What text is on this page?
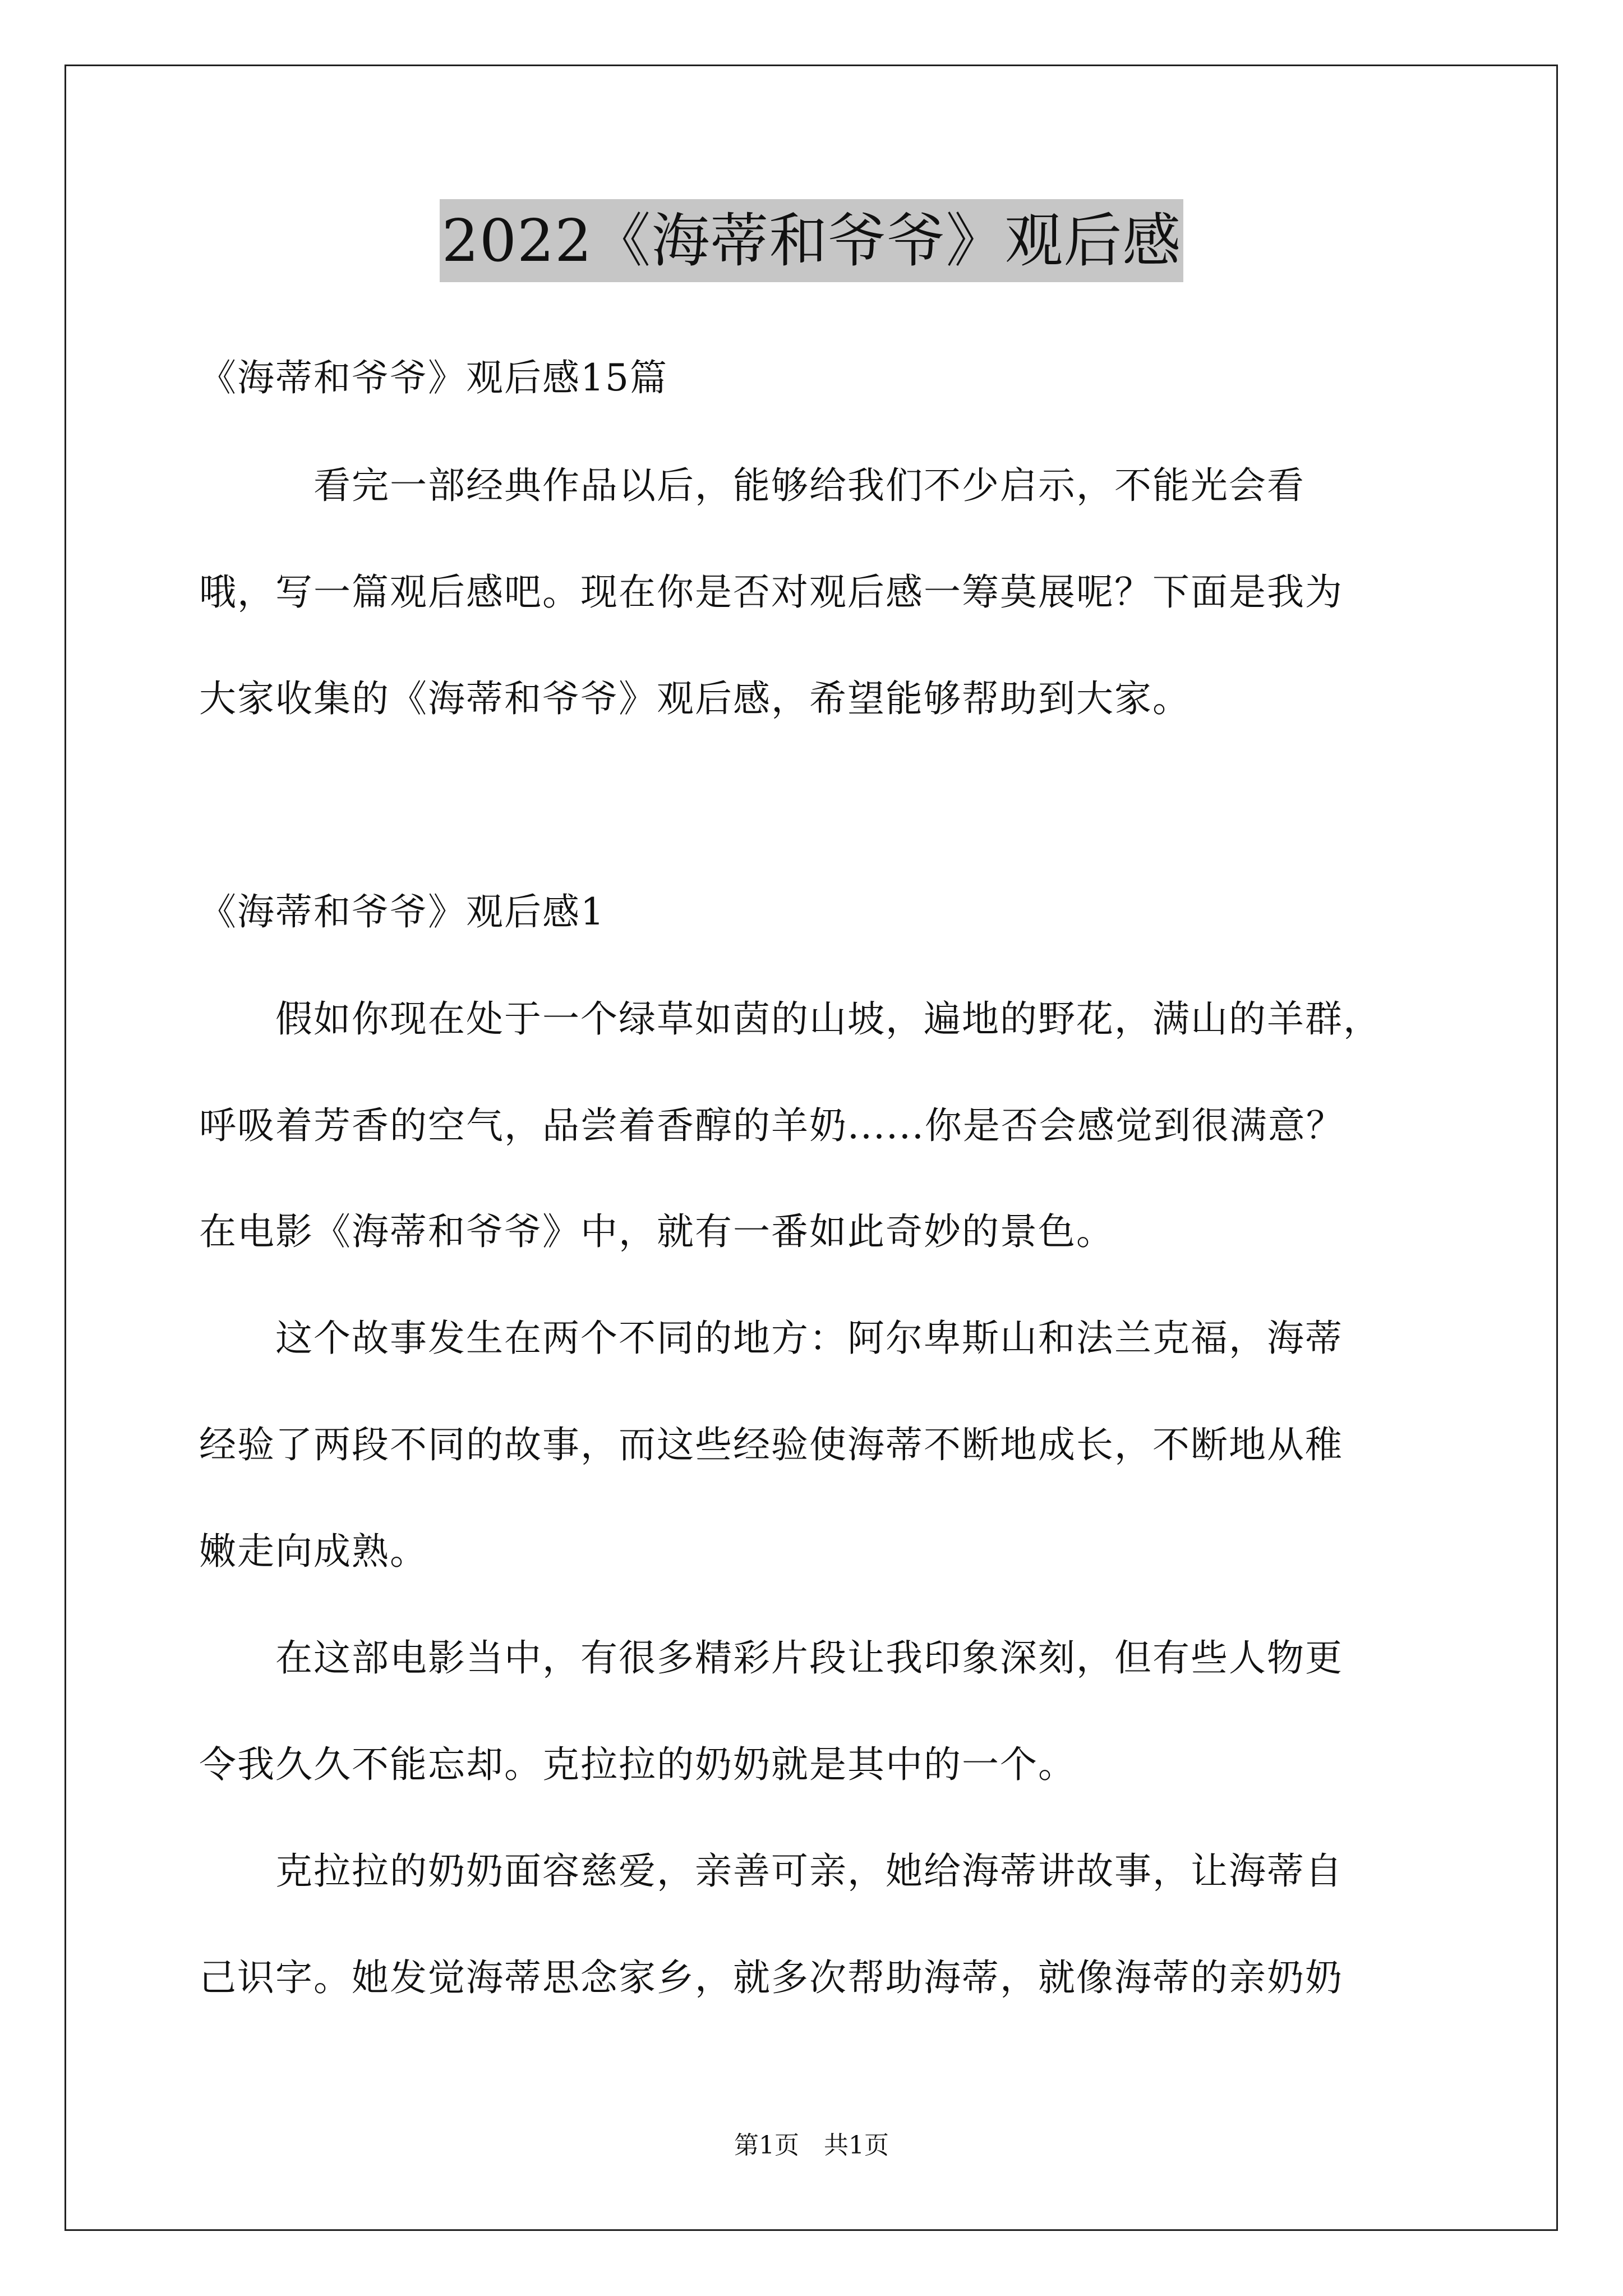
2022《海蒂和爷爷》观后感
《海蒂和爷爷》观后感15篇
　　　看完一部经典作品以后，能够给我们不少启示，不能光会看
哦，写一篇观后感吧。现在你是否对观后感一筹莫展呢？下面是我为
大家收集的《海蒂和爷爷》观后感，希望能够帮助到大家。
《海蒂和爷爷》观后感1
　　假如你现在处于一个绿草如茵的山坡，遍地的野花，满山的羊群，
呼吸着芳香的空气，品尝着香醇的羊奶......你是否会感觉到很满意？
在电影《海蒂和爷爷》中，就有一番如此奇妙的景色。
　　这个故事发生在两个不同的地方：阿尔卑斯山和法兰克福，海蒂
经验了两段不同的故事，而这些经验使海蒂不断地成长，不断地从稚
嫩走向成熟。
　　在这部电影当中，有很多精彩片段让我印象深刻，但有些人物更
令我久久不能忘却。克拉拉的奶奶就是其中的一个。
　　克拉拉的奶奶面容慈爱，亲善可亲，她给海蒂讲故事，让海蒂自
己识字。她发觉海蒂思念家乡，就多次帮助海蒂，就像海蒂的亲奶奶
第1页　共1页
